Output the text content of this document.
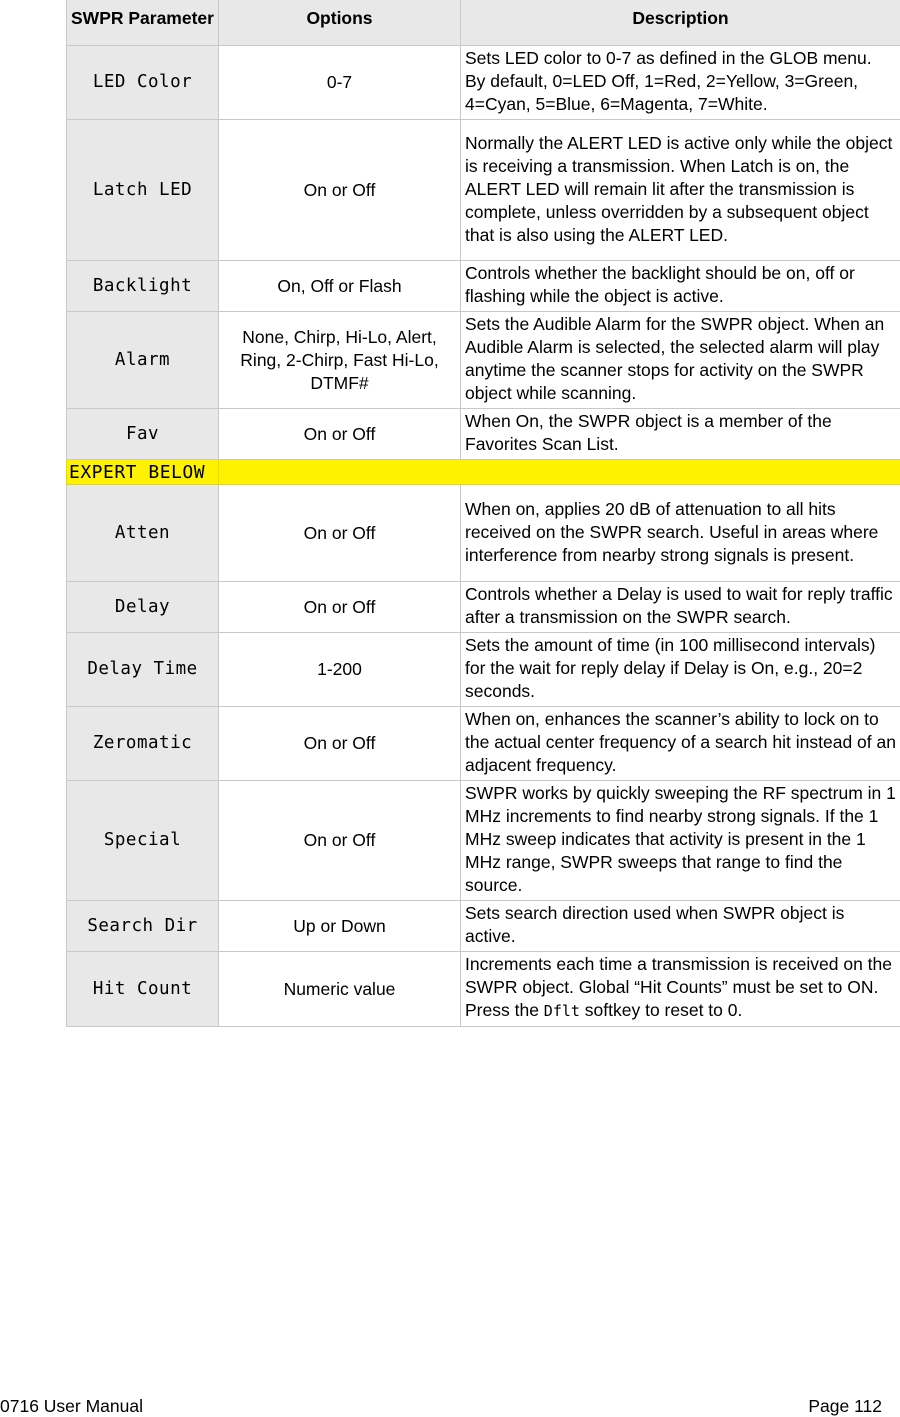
SWPR Parameter	Options	Description
LED Color	0-7	Sets LED color to 0-7 as defined in the GLOB menu. By default, 0=LED Off, 1=Red, 2=Yellow, 3=Green, 4=Cyan, 5=Blue, 6=Magenta, 7=White.
Latch LED	On or Off	Normally the ALERT LED is active only while the object is receiving a transmission. When Latch is on, the ALERT LED will remain lit after the transmission is complete, unless overridden by a subsequent object that is also using the ALERT LED.
Backlight	On, Off or Flash	Controls whether the backlight should be on, off or flashing while the object is active.
Alarm	None, Chirp, Hi-Lo, Alert, Ring, 2-Chirp, Fast Hi-Lo, DTMF#	Sets the Audible Alarm for the SWPR object. When an Audible Alarm is selected, the selected alarm will play anytime the scanner stops for activity on the SWPR object while scanning.
Fav	On or Off	When On, the SWPR object is a member of the Favorites Scan List.
EXPERT BELOW		
Atten	On or Off	When on, applies 20 dB of attenuation to all hits received on the SWPR search. Useful in areas where interference from nearby strong signals is present.
Delay	On or Off	Controls whether a Delay is used to wait for reply traffic after a transmission on the SWPR search.
Delay Time	1-200	Sets the amount of time (in 100 millisecond intervals) for the wait for reply delay if Delay is On, e.g., 20=2 seconds.
Zeromatic	On or Off	When on, enhances the scanner’s ability to lock on to the actual center frequency of a search hit instead of an adjacent frequency.
Special	On or Off	SWPR works by quickly sweeping the RF spectrum in 1 MHz increments to find nearby strong signals. If the 1 MHz sweep indicates that activity is present in the 1 MHz range, SWPR sweeps that range to find the source.
Search Dir	Up or Down	Sets search direction used when SWPR object is active.
Hit Count	Numeric value	Increments each time a transmission is received on the SWPR object. Global “Hit Counts” must be set to ON. Press the Dflt softkey to reset to 0.
0716 User Manual	Page 112
